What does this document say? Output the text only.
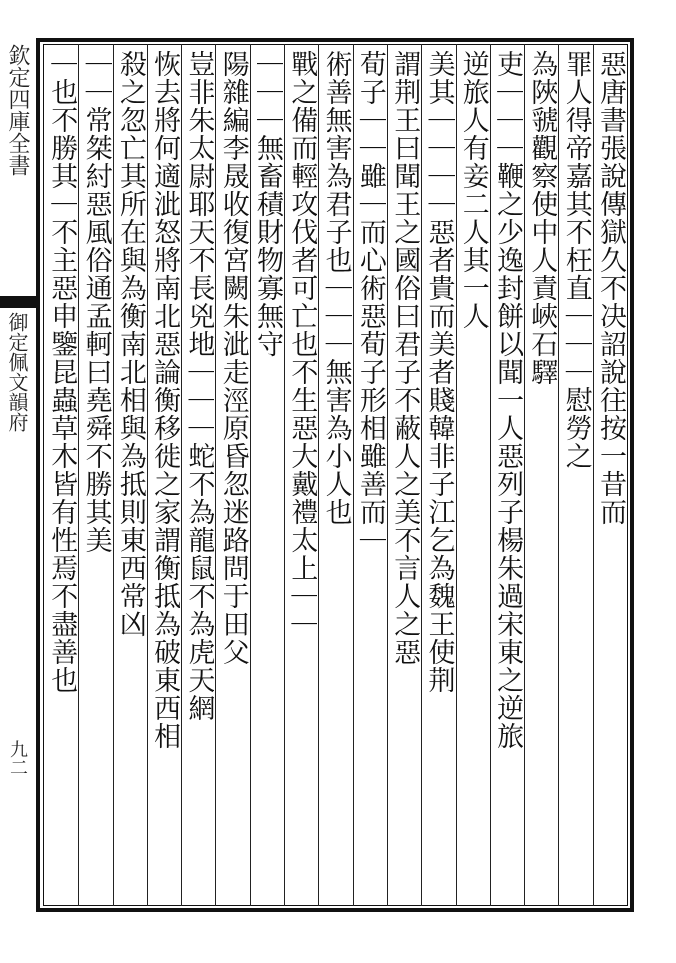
欽定四庫全書
御定佩文韻府
九二
惡唐書張說傳獄久不决詔說往按一昔而
罪人得帝嘉其不枉直｜｜｜慰勞之
為陜虢觀察使中人責峽石驛
吏｜｜｜鞭之少逸封餅以聞一人惡列子楊朱過宋東之逆旅
逆旅人有妾二人其一人
美其｜｜｜｜惡者貴而美者賤韓非子江乞為魏王使荆
謂荆王曰聞王之國俗曰君子不蔽人之美不言人之惡
荀子｜｜雖｜而心術惡荀子形相雖善而｜
術善無害為君子也｜｜｜無害為小人也
戰之備而輕攻伐者可亡也不生惡大戴禮太上｜｜
｜｜｜無畜積財物寡無守
陽雜編李晟收復宮闕朱泚走涇原昏忽迷路問于田父
豈非朱太尉耶天不長兇地｜｜｜蛇不為龍鼠不為虎天網
恢去將何適泚怒將南北惡論衡移徙之家謂衡抵為破東西相
殺之忽亡其所在與為衡南北相與為抵則東西常凶
｜｜常桀紂惡風俗通孟軻曰堯舜不勝其美
｜也不勝其｜不主惡申鑒昆蟲草木皆有性焉不盡善也
